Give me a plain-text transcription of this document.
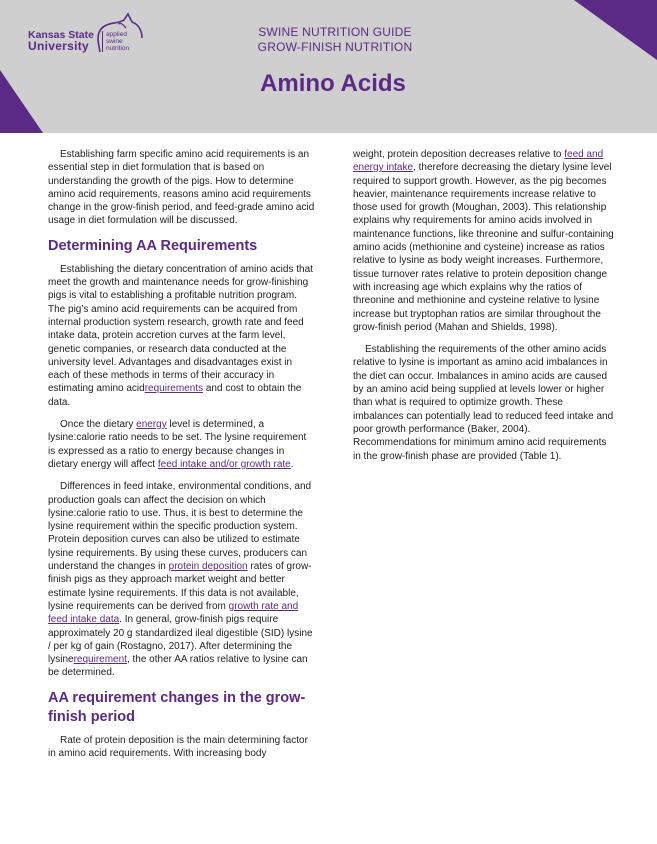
Kansas State
University
applied
swine
nutrition
SWINE NUTRITION GUIDE
GROW-FINISH NUTRITION
Amino Acids

Establishing farm specific amino acid requirements is an essential step in diet formulation that is based on understanding the growth of the pigs. How to determine amino acid requirements, reasons amino acid requirements change in the grow-finish period, and feed-grade amino acid usage in diet formulation will be discussed.

Determining AA Requirements

Establishing the dietary concentration of amino acids that meet the growth and maintenance needs for grow-finishing pigs is vital to establishing a profitable nutrition program. The pig’s amino acid requirements can be acquired from internal production system research, growth rate and feed intake data, protein accretion curves at the farm level, genetic companies, or research data conducted at the university level. Advantages and disadvantages exist in each of these methods in terms of their accuracy in estimating amino acidrequirements and cost to obtain the data.

Once the dietary energy level is determined, a lysine:calorie ratio needs to be set. The lysine requirement is expressed as a ratio to energy because changes in dietary energy will affect feed intake and/or growth rate.

Differences in feed intake, environmental conditions, and production goals can affect the decision on which lysine:calorie ratio to use. Thus, it is best to determine the lysine requirement within the specific production system. Protein deposition curves can also be utilized to estimate lysine requirements. By using these curves, producers can understand the changes in protein deposition rates of grow-finish pigs as they approach market weight and better estimate lysine requirements. If this data is not available, lysine requirements can be derived from growth rate and feed intake data. In general, grow-finish pigs require approximately 20 g standardized ileal digestible (SID) lysine / per kg of gain (Rostagno, 2017). After determining the lysinerequirement, the other AA ratios relative to lysine can be determined.

AA requirement changes in the grow-finish period

Rate of protein deposition is the main determining factor in amino acid requirements. With increasing body

weight, protein deposition decreases relative to feed and energy intake, therefore decreasing the dietary lysine level required to support growth. However, as the pig becomes heavier, maintenance requirements increase relative to those used for growth (Moughan, 2003). This relationship explains why requirements for amino acids involved in maintenance functions, like threonine and sulfur-containing amino acids (methionine and cysteine) increase as ratios relative to lysine as body weight increases. Furthermore, tissue turnover rates relative to protein deposition change with increasing age which explains why the ratios of threonine and methionine and cysteine relative to lysine increase but tryptophan ratios are similar throughout the grow-finish period (Mahan and Shields, 1998).

Establishing the requirements of the other amino acids relative to lysine is important as amino acid imbalances in the diet can occur. Imbalances in amino acids are caused by an amino acid being supplied at levels lower or higher than what is required to optimize growth. These imbalances can potentially lead to reduced feed intake and poor growth performance (Baker, 2004). Recommendations for minimum amino acid requirements in the grow-finish phase are provided (Table 1).
